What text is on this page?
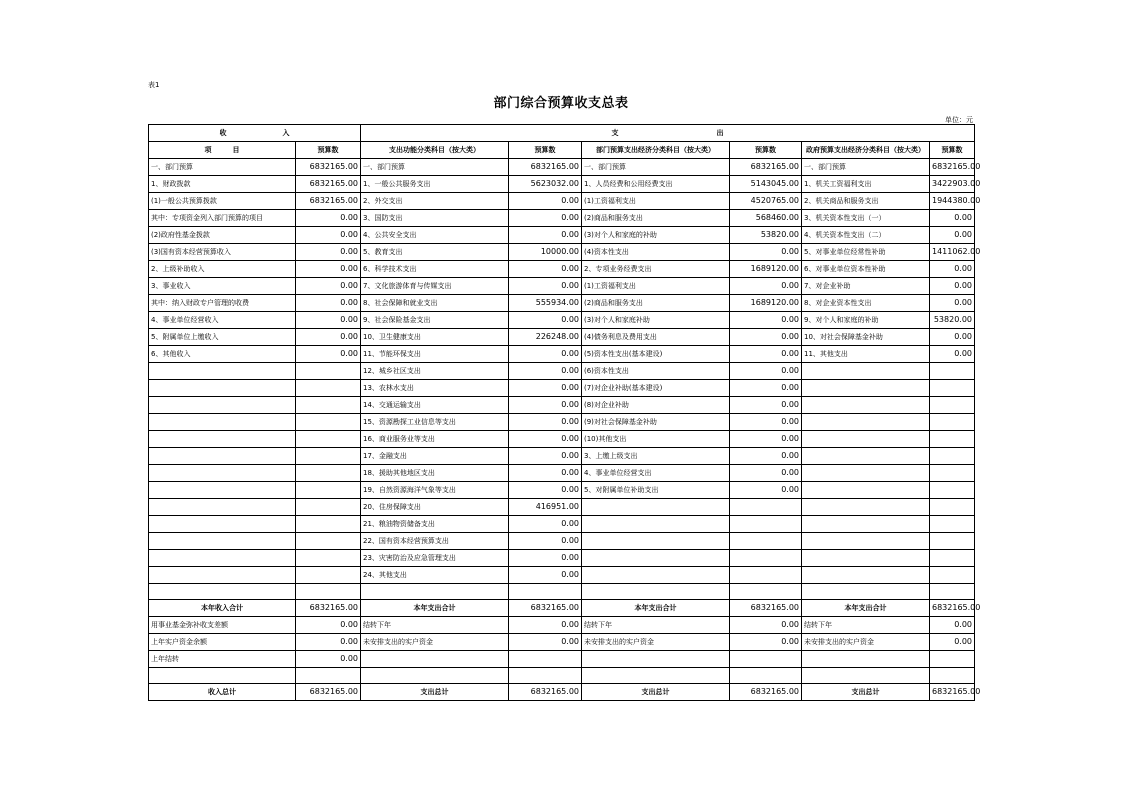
表1
部门综合预算收支总表
单位：元
收　　　　　　　　入		支　　　　　　　　　　　　　　出					
项　　　目	预算数	支出功能分类科目（按大类）	预算数	部门预算支出经济分类科目（按大类）	预算数	政府预算支出经济分类科目（按大类）	预算数
一、部门预算	6832165.00	一、部门预算	6832165.00	一、部门预算	6832165.00	一、部门预算	6832165.00
1、财政拨款	6832165.00	1、一般公共服务支出	5623032.00	1、人员经费和公用经费支出	5143045.00	1、机关工资福利支出	3422903.00
(1)一般公共预算拨款	6832165.00	2、外交支出	0.00	(1)工资福利支出	4520765.00	2、机关商品和服务支出	1944380.00
其中：专项资金列入部门预算的项目	0.00	3、国防支出	0.00	(2)商品和服务支出	568460.00	3、机关资本性支出（一）	0.00
(2)政府性基金拨款	0.00	4、公共安全支出	0.00	(3)对个人和家庭的补助	53820.00	4、机关资本性支出（二）	0.00
(3)国有资本经营预算收入	0.00	5、教育支出	10000.00	(4)资本性支出	0.00	5、对事业单位经常性补助	1411062.00
2、上级补助收入	0.00	6、科学技术支出	0.00	2、专项业务经费支出	1689120.00	6、对事业单位资本性补助	0.00
3、事业收入	0.00	7、文化旅游体育与传媒支出	0.00	(1)工资福利支出	0.00	7、对企业补助	0.00
其中：纳入财政专户管理的收费	0.00	8、社会保障和就业支出	555934.00	(2)商品和服务支出	1689120.00	8、对企业资本性支出	0.00
4、事业单位经营收入	0.00	9、社会保险基金支出	0.00	(3)对个人和家庭补助	0.00	9、对个人和家庭的补助	53820.00
5、附属单位上缴收入	0.00	10、卫生健康支出	226248.00	(4)债务利息及费用支出	0.00	10、对社会保障基金补助	0.00
6、其他收入	0.00	11、节能环保支出	0.00	(5)资本性支出(基本建设)	0.00	11、其他支出	0.00
		12、城乡社区支出	0.00	(6)资本性支出	0.00		
		13、农林水支出	0.00	(7)对企业补助(基本建设)	0.00		
		14、交通运输支出	0.00	(8)对企业补助	0.00		
		15、资源勘探工业信息等支出	0.00	(9)对社会保障基金补助	0.00		
		16、商业服务业等支出	0.00	(10)其他支出	0.00		
		17、金融支出	0.00	3、上缴上级支出	0.00		
		18、援助其他地区支出	0.00	4、事业单位经营支出	0.00		
		19、自然资源海洋气象等支出	0.00	5、对附属单位补助支出	0.00		
		20、住房保障支出	416951.00				
		21、粮油物资储备支出	0.00				
		22、国有资本经营预算支出	0.00				
		23、灾害防治及应急管理支出	0.00				
		24、其他支出	0.00				

本年收入合计	6832165.00	本年支出合计	6832165.00	本年支出合计	6832165.00	本年支出合计	6832165.00
用事业基金弥补收支差额	0.00	结转下年	0.00	结转下年	0.00	结转下年	0.00
上年实户资金余额	0.00	未安排支出的实户资金	0.00	未安排支出的实户资金	0.00	未安排支出的实户资金	0.00
上年结转	0.00						

收入总计	6832165.00	支出总计	6832165.00	支出总计	6832165.00	支出总计	6832165.00
